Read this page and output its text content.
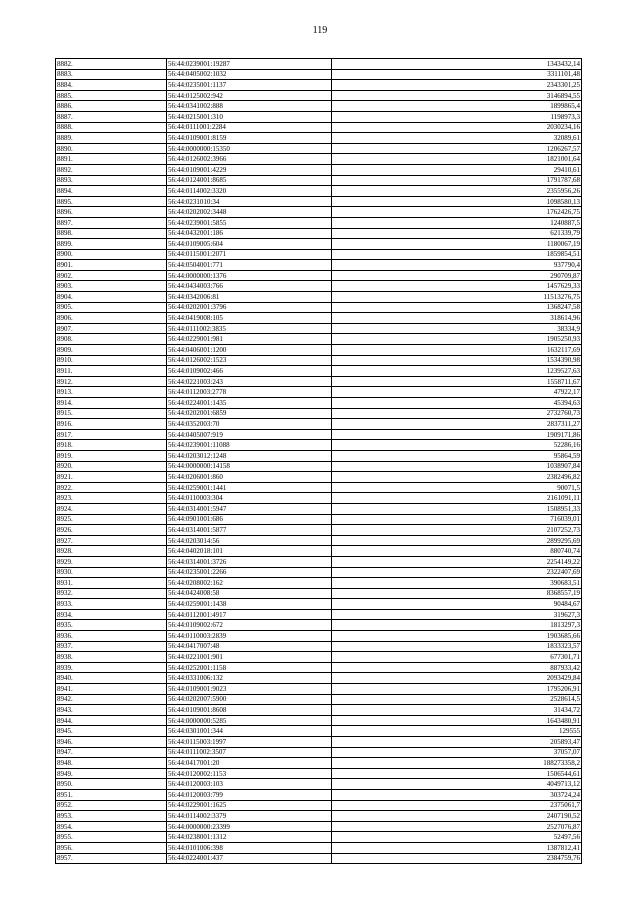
119
8882.	56:44:0239001:19287	1343432,14
8883.	56:44:0405002:1032	3311101,48
8884.	56:44:0235001:1137	2343301,25
8885.	56:44:0125002:942	3146894,55
8886.	56:44:0341002:888	1899865,4
8887.	56:44:0215001:310	1198973,3
8888.	56:44:0111001:2284	2030234,16
8889.	56:44:0109001:8159	32089,61
8890.	56:44:0000000:15350	1206267,57
8891.	56:44:0126002:3966	1821001,64
8892.	56:44:0109001:4229	29410,61
8893.	56:44:0124001:8685	1791787,68
8894.	56:44:0114002:3320	2355956,26
8895.	56:44:0231010:34	1098580,13
8896.	56:44:0202002:3448	1762426,75
8897.	56:44:0239001:5855	1240887,5
8898.	56:44:0432001:186	621339,79
8899.	56:44:0109005:604	1180067,19
8900.	56:44:0115001:2071	1859854,51
8901.	56:44:0504001:771	937790,4
8902.	56:44:0000000:1376	290709,87
8903.	56:44:0434003:766	1457629,33
8904.	56:44:0342006:81	11513276,75
8905.	56:44:0202001:3796	1368247,58
8906.	56:44:0419008:105	318614,96
8907.	56:44:0111002:3835	38334,9
8908.	56:44:0229001:981	1905250,93
8909.	56:44:0406001:1200	1632117,69
8910.	56:44:0126002:1523	1534390,98
8911.	56:44:0109002:466	1239527,63
8912.	56:44:0221003:243	1558711,67
8913.	56:44:0112003:2778	47922,17
8914.	56:44:0224001:1435	45394,63
8915.	56:44:0202001:6859	2732760,73
8916.	56:44:0352003:70	2837311,27
8917.	56:44:0405007:919	1909171,86
8918.	56:44:0239001:11088	52286,16
8919.	56:44:0203012:1248	95864,59
8920.	56:44:0000000:14158	1038907,84
8921.	56:44:0206001:860	2382496,82
8922.	56:44:0259001:1441	90071,5
8923.	56:44:0110003:304	2161091,11
8924.	56:44:0314001:5947	1508951,33
8925.	56:44:0901001:686	716039,01
8926.	56:44:0314001:5877	2107252,73
8927.	56:44:0203014:56	2899295,69
8928.	56:44:0402018:101	880740,74
8929.	56:44:0314001:3726	2254149,22
8930.	56:44:0235001:2266	2322407,69
8931.	56:44:0208002:162	390683,51
8932.	56:44:0424008:58	8368557,19
8933.	56:44:0259001:1438	90484,67
8934.	56:44:0112001:4917	319627,3
8935.	56:44:0109002:672	1813297,3
8936.	56:44:0110003:2839	1903685,66
8937.	56:44:0417007:48	1833323,57
8938.	56:44:0221001:901	677301,71
8939.	56:44:0252001:1158	887933,42
8940.	56:44:0331006:132	2093429,84
8941.	56:44:0109001:9023	1795206,91
8942.	56:44:0202007:5900	2528614,5
8943.	56:44:0109001:8608	31434,72
8944.	56:44:0000000:5285	1643480,91
8945.	56:44:0301001:344	129555
8946.	56:44:0115003:1997	205893,47
8947.	56:44:0111002:3507	37057,07
8948.	56:44:0417001:20	188273358,2
8949.	56:44:0120002:1153	1506544,61
8950.	56:44:0120003:103	4049713,12
8951.	56:44:0120003:799	303724,24
8952.	56:44:0229001:1625	2375061,7
8953.	56:44:0114002:3379	2407190,52
8954.	56:44:0000000:23399	2527076,87
8955.	56:44:0238001:1312	52497,56
8956.	56:44:0101006:398	1387812,41
8957.	56:44:0224001:437	2384759,76
